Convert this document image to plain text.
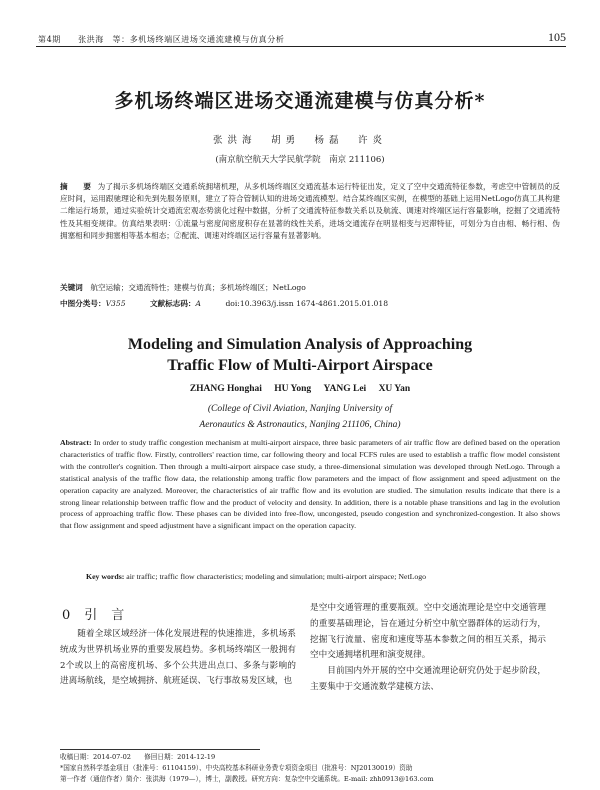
第4期　　张洪海　等：多机场终端区进场交通流建模与仿真分析	105
多机场终端区进场交通流建模与仿真分析*
张洪海　胡勇　杨磊　许炎
(南京航空航天大学民航学院　南京 211106)
摘　要 为了揭示多机场终端区交通系统拥堵机理，从多机场终端区交通流基本运行特征出发，定义了空中交通流特征参数，考虑空中管制员的反应时间，运用跟驰理论和先到先服务原则，建立了符合管制认知的进场交通流模型。结合某终端区实例，在模型的基础上运用NetLogo仿真工具构建二维运行场景，通过实验统计交通流宏观态势演化过程中数据，分析了交通流特征参数关系以及航流、调速对终端区运行容量影响，挖掘了交通流特性及其相变规律。仿真结果表明：①流量与密度间密度积存在显著的线性关系，进场交通流存在明显相变与迟滞特征，可划分为自由相、畅行相、伪拥塞相和同步拥塞相等基本相态；②配流、调速对终端区运行容量有显著影响。
关键词　 航空运输；交通流特性；建模与仿真；多机场终端区；NetLogo
中图分类号：V355	文献标志码：A	doi:10.3963/j.issn 1674-4861.2015.01.018
Modeling and Simulation Analysis of Approaching
Traffic Flow of Multi-Airport Airspace
ZHANG Honghai HU Yong YANG Lei XU Yan
(College of Civil Aviation, Nanjing University of
Aeronautics & Astronautics, Nanjing 211106, China)
Abstract: In order to study traffic congestion mechanism at multi-airport airspace, three basic parameters of air traffic flow are defined based on the operation characteristics of traffic flow. Firstly, controllers' reaction time, car following theory and local FCFS rules are used to establish a traffic flow model consistent with the controller's cognition. Then through a multi-airport airspace case study, a three-dimensional simulation was developed through NetLogo. Through a statistical analysis of the traffic flow data, the relationship among traffic flow parameters and the impact of flow assignment and speed adjustment on the operation capacity are analyzed. Moreover, the characteristics of air traffic flow and its evolution are studied. The simulation results indicate that there is a strong linear relationship between traffic flow and the product of velocity and density. In addition, there is a notable phase transitions and lag in the evolution process of approaching traffic flow. These phases can be divided into free-flow, uncongested, pseudo congestion and synchronized-congestion. It also shows that flow assignment and speed adjustment have a significant impact on the operation capacity.
Key words: air traffic; traffic flow characteristics; modeling and simulation; multi-airport airspace; NetLogo
0引言
随着全球区域经济一体化发展进程的快速推进，多机场系统成为世界机场业界的重要发展趋势。多机场终端区一般拥有2个或以上的高密度机场、多个公共进出点口、多条与影响的进离场航线，是空域拥挤、航班延误、飞行事故易发区域，也
是空中交通管理的重要瓶颈。空中交通流理论是空中交通管理的重要基础理论，旨在通过分析空中航空器群体的运动行为，挖掘飞行流量、密度和速度等基本参数之间的相互关系，揭示空中交通拥堵机理和演变规律。
目前国内外开展的空中交通流理论研究仍处于起步阶段，主要集中于交通流数学建模方法、
收稿日期：2014-07-02　　修回日期：2014-12-19
*国家自然科学基金项目（批准号：61104159）、中央高校基本科研业务费专项资金项目（批准号：NJ20130019）资助
第一作者（通信作者）简介：张洪海（1979—），博士，副教授。研究方向：复杂空中交通系统。E-mail: zhh0913@163.com
